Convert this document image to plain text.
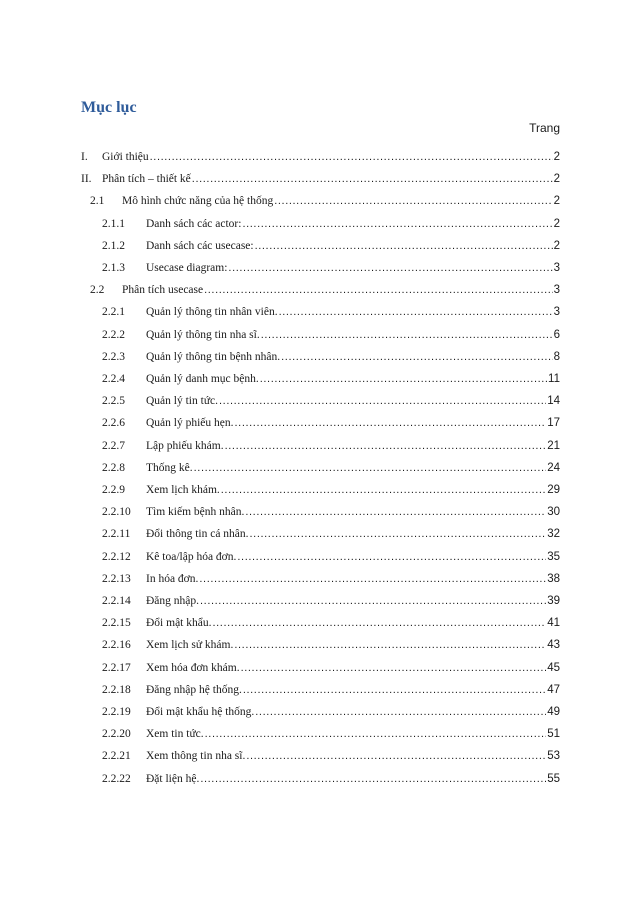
Mục lục
Trang
I.	Giới thiệu .....	2
II. Phân tích – thiết kế .....	2
2.1	Mô hình chức năng của hệ thống .....	2
2.1.1	Danh sách các actor: .....	2
2.1.2	Danh sách các usecase: .....	2
2.1.3	Usecase diagram: .....	3
2.2	Phân tích usecase .....	3
2.2.1	Quản lý thông tin nhân viên. .....	3
2.2.2	Quản lý thông tin nha sĩ. .....	6
2.2.3	Quản lý thông tin bệnh nhân. .....	8
2.2.4	Quản lý danh mục bệnh. .....	11
2.2.5	Quản lý tin tức. .....	14
2.2.6	Quản lý phiếu hẹn. .....	17
2.2.7	Lập phiếu khám. .....	21
2.2.8	Thống kê. .....	24
2.2.9	Xem lịch khám. .....	29
2.2.10	Tìm kiếm bệnh nhân. .....	30
2.2.11	Đổi thông tin cá nhân. .....	32
2.2.12	Kê toa/lập hóa đơn. .....	35
2.2.13	In hóa đơn. .....	38
2.2.14	Đăng nhập. .....	39
2.2.15	Đổi mật khẩu. .....	41
2.2.16	Xem lịch sử khám. .....	43
2.2.17	Xem hóa đơn khám. .....	45
2.2.18	Đăng nhập hệ thống. .....	47
2.2.19	Đổi mật khẩu hệ thống. .....	49
2.2.20	Xem tin tức. .....	51
2.2.21	Xem thông tin nha sĩ. .....	53
2.2.22	Đặt liện hệ. .....	55
